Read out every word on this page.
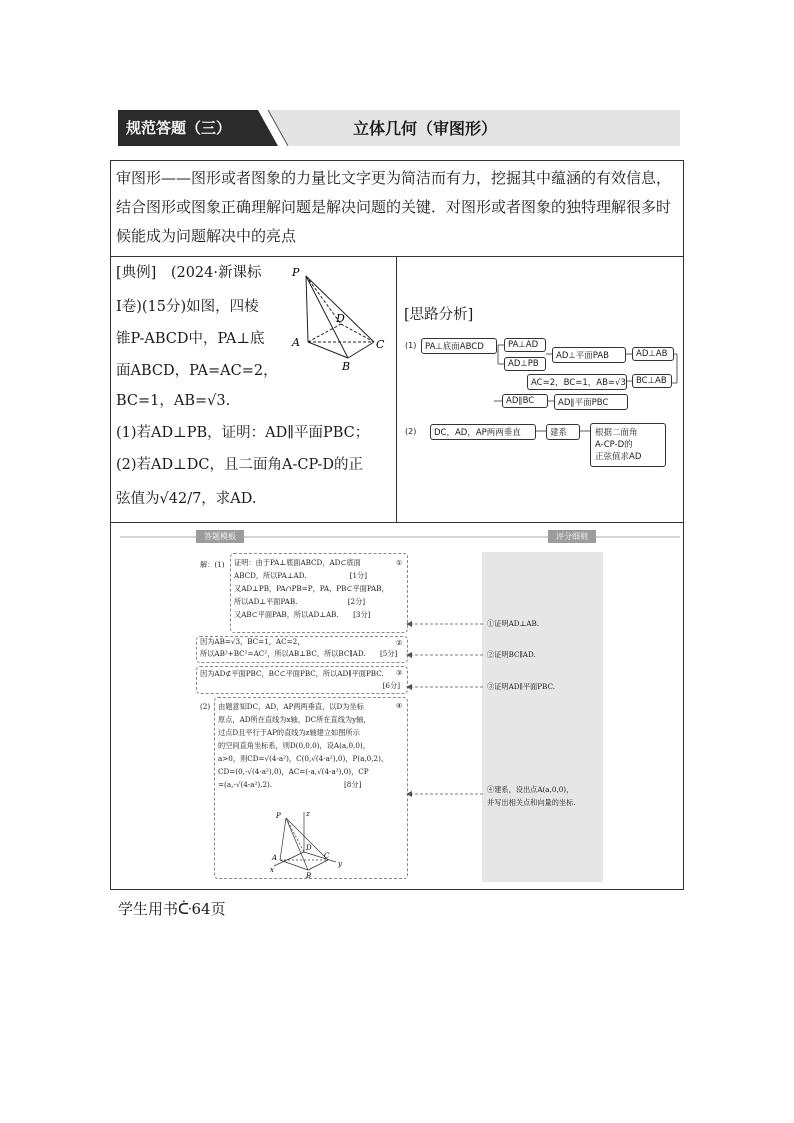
规范答题（三）	立体几何（审图形）
审图形——图形或者图象的力量比文字更为简洁而有力，挖掘其中蕴涵的有效信息，结合图形或图象正确理解问题是解决问题的关键．对图形或者图象的独特理解很多时候能成为问题解决中的亮点
[典例]　(2024·新课标
Ⅰ卷)(15分)如图，四棱
锥P-ABCD中，PA⊥底
面ABCD，PA=AC=2，
BC=1，AB=√3.
(1)若AD⊥PB，证明：AD∥平面PBC；
(2)若AD⊥DC，且二面角A-CP-D的正
弦值为√42/7，求AD.
P
A
B
C
D	[思路分析]
(1)	PA⊥底面ABCD	PA⊥AD
AD⊥PB
AD⊥平面PAB	AD⊥AB
AC=2，BC=1，AB=√3	BC⊥AB
AD∥BC	AD∥平面PBC
(2)	DC，AD，AP两两垂直	建系	根据二面角
A-CP-D的
正弦值求AD
答题模板	评分细则
解：(1)	①
证明：由于PA⊥底面ABCD，AD⊂底面
ABCD，所以PA⊥AD.　　　　　　[1分]
又AD⊥PB，PA∩PB=P，PA，PB⊂平面PAB，
所以AD⊥平面PAB.　　　　　　　[2分]
又AB⊂平面PAB，所以AD⊥AB.　　[3分]
②
因为AB=√3，BC=1，AC=2，
所以AB²+BC²=AC²，所以AB⊥BC，所以BC∥AD.　　[5分]
③
因为AD⊄平面PBC，BC⊂平面PBC，所以AD∥平面PBC.
[6分]
(2)	④
由题意知DC，AD，AP两两垂直，以D为坐标
原点，AD所在直线为x轴，DC所在直线为y轴，
过点D且平行于AP的直线为z轴建立如图所示
的空间直角坐标系，则D(0,0,0)，设A(a,0,0)，
a>0，则CD=√(4-a²)，C(0,√(4-a²),0)，P(a,0,2)，
CD=(0,-√(4-a²),0)，AC=(-a,√(4-a²),0)，CP
=(a,-√(4-a²),2).　　　　　　　　　　[8分]
P	z
D
A	C
B
x
y
①证明AD⊥AB.
②证明BC∥AD.
③证明AD∥平面PBC.
④建系，设出点A(a,0,0)，
并写出相关点和向量的坐标.
学生用书ᑤ64页
